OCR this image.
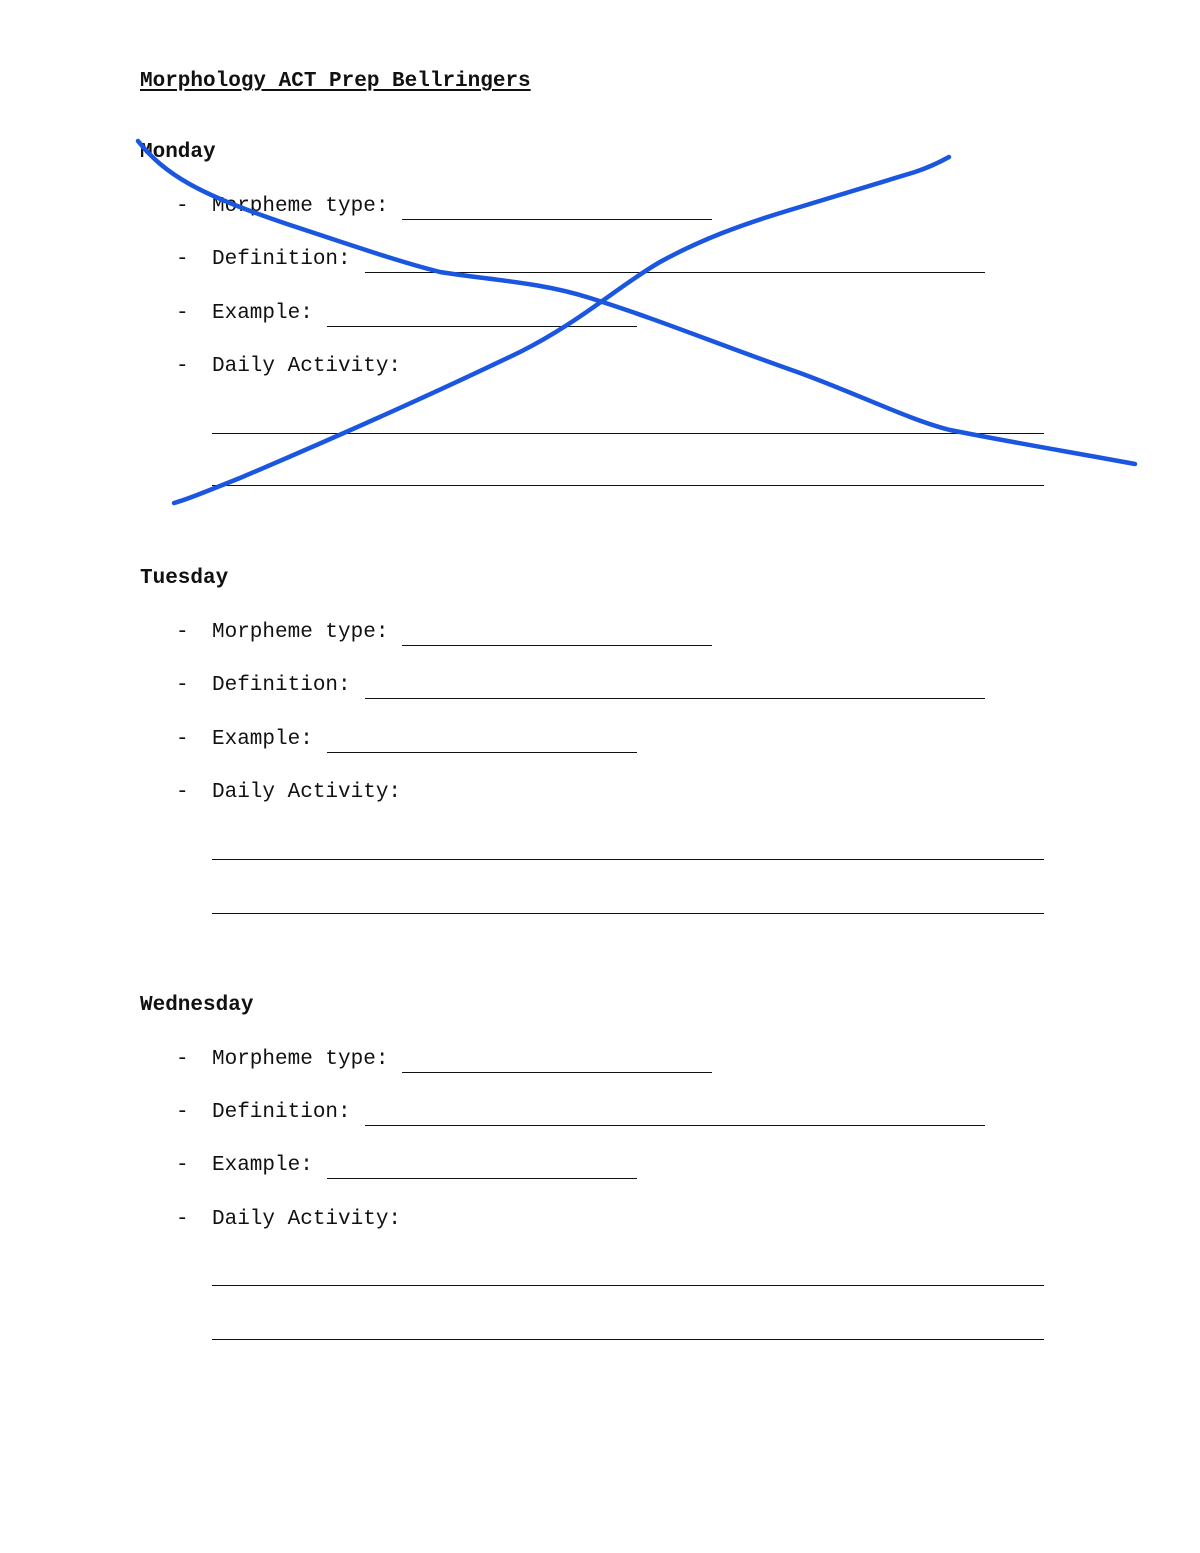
Morphology ACT Prep Bellringers
Monday
-	Morpheme type:
-	Definition:
-	Example:
-	Daily Activity:
Tuesday
-	Morpheme type:
-	Definition:
-	Example:
-	Daily Activity:
Wednesday
-	Morpheme type:
-	Definition:
-	Example:
-	Daily Activity:
